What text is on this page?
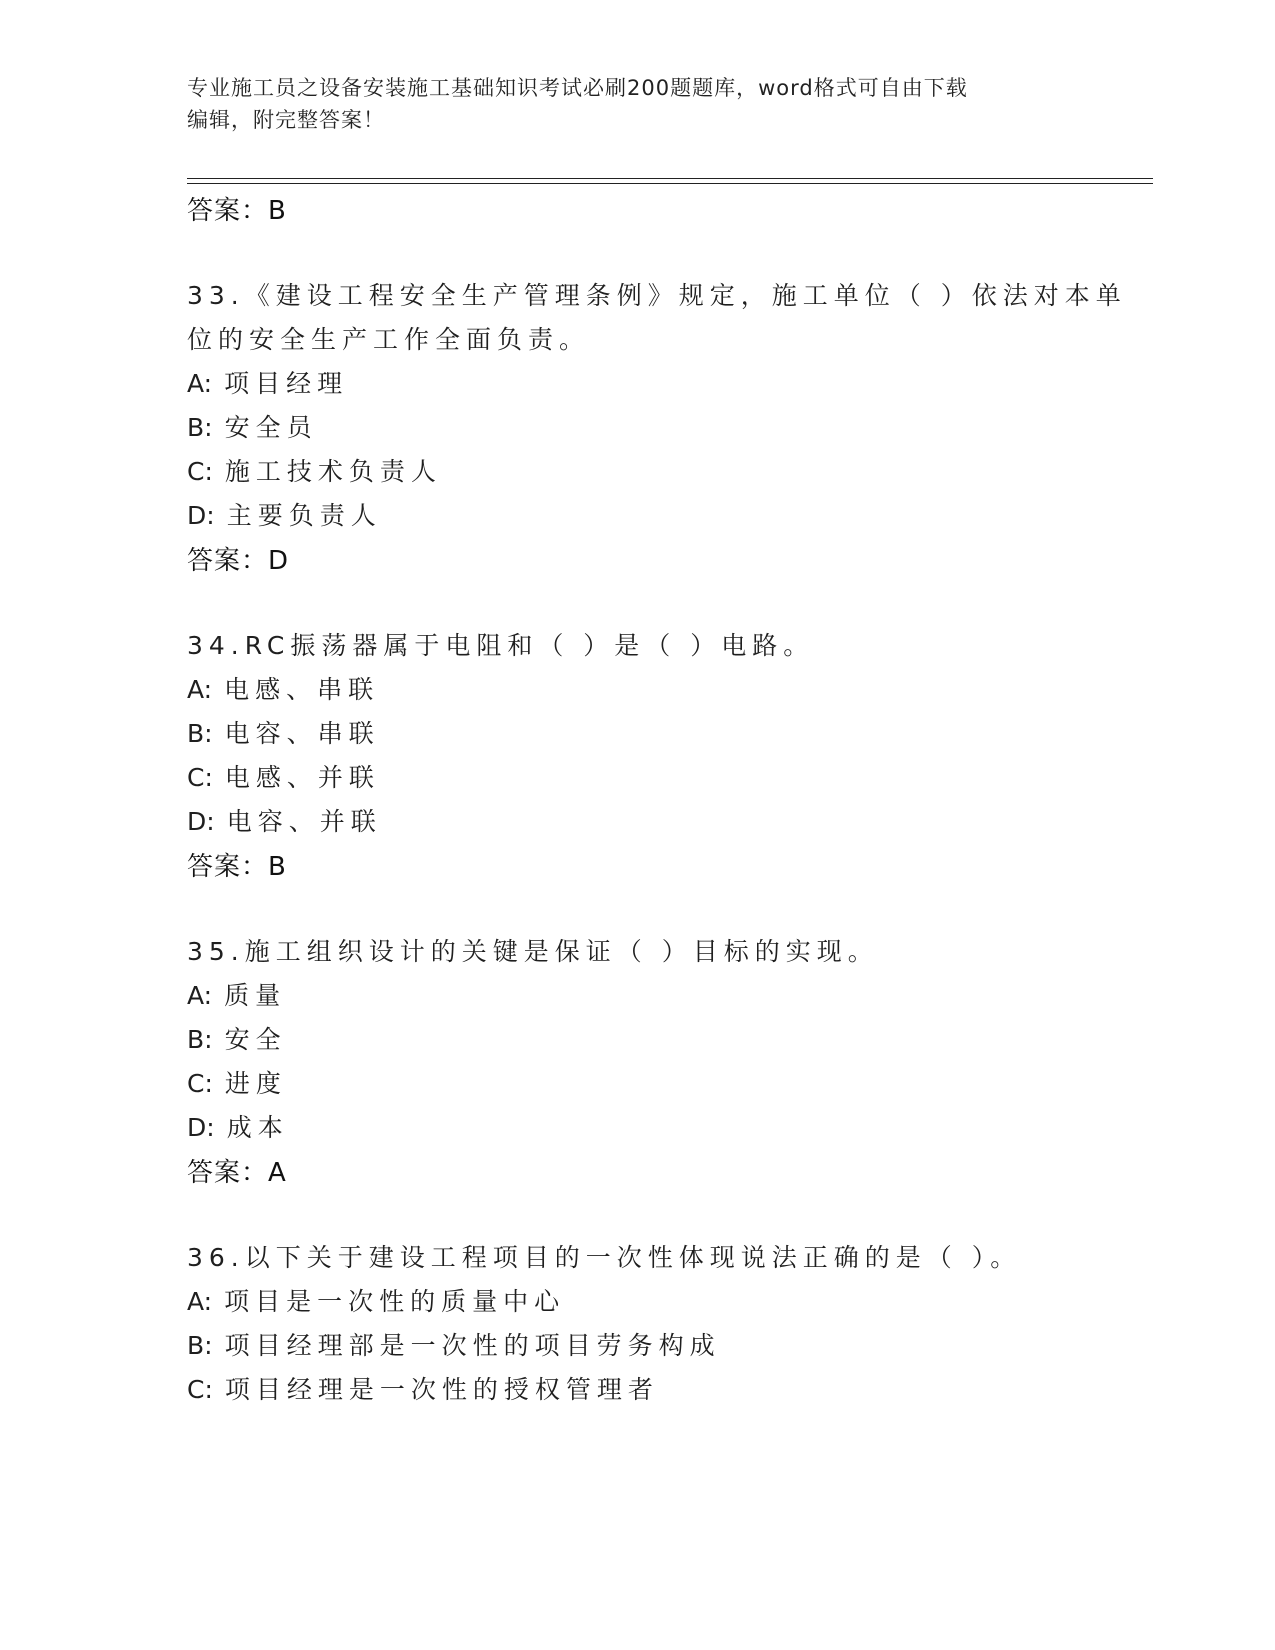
专业施工员之设备安装施工基础知识考试必刷200题题库，word格式可自由下载
编辑，附完整答案！
答案：B
33.《建设工程安全生产管理条例》规定，施工单位（ ）依法对本单
位的安全生产工作全面负责。
A: 项目经理
B: 安全员
C: 施工技术负责人
D: 主要负责人
答案：D
34.RC振荡器属于电阻和（ ）是（ ）电路。
A: 电感、串联
B: 电容、串联
C: 电感、并联
D: 电容、并联
答案：B
35.施工组织设计的关键是保证（ ）目标的实现。
A: 质量
B: 安全
C: 进度
D: 成本
答案：A
36.以下关于建设工程项目的一次性体现说法正确的是（ ）。
A: 项目是一次性的质量中心
B: 项目经理部是一次性的项目劳务构成
C: 项目经理是一次性的授权管理者
